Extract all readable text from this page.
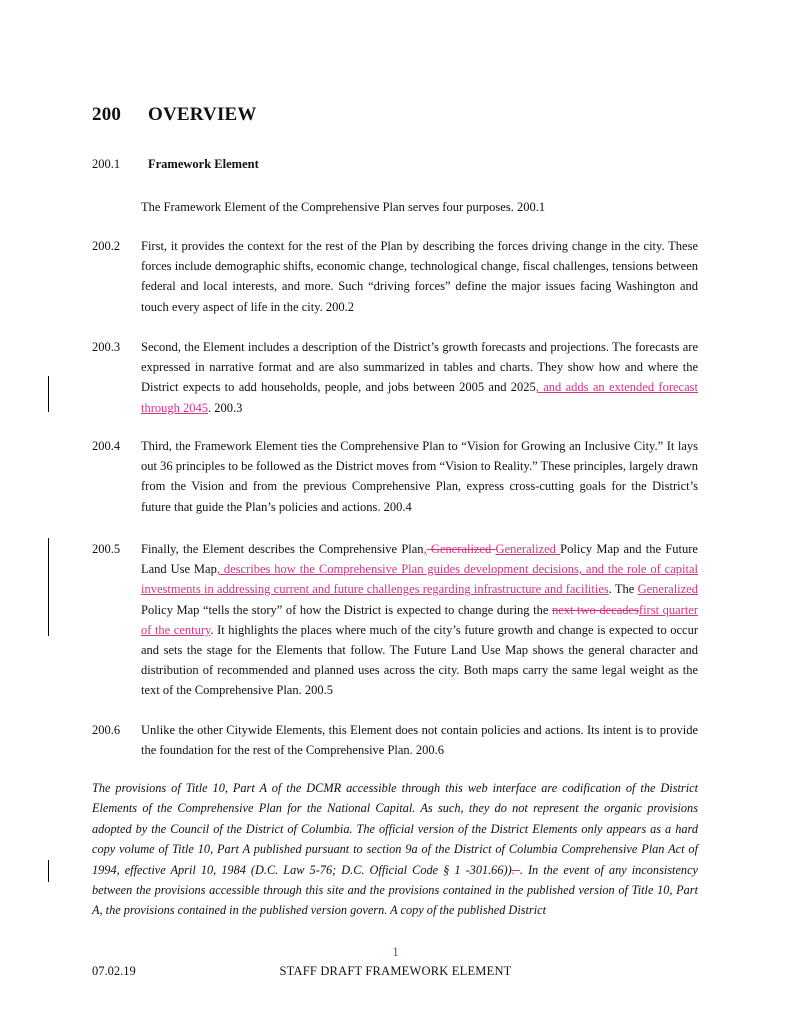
200 OVERVIEW
200.1 Framework Element
The Framework Element of the Comprehensive Plan serves four purposes. 200.1
200.2	First, it provides the context for the rest of the Plan by describing the forces driving change in the city. These forces include demographic shifts, economic change, technological change, fiscal challenges, tensions between federal and local interests, and more. Such “driving forces” define the major issues facing Washington and touch every aspect of life in the city. 200.2
200.3	Second, the Element includes a description of the District’s growth forecasts and projections. The forecasts are expressed in narrative format and are also summarized in tables and charts. They show how and where the District expects to add households, people, and jobs between 2005 and 2025, and adds an extended forecast through 2045. 200.3
200.4	Third, the Framework Element ties the Comprehensive Plan to “Vision for Growing an Inclusive City.” It lays out 36 principles to be followed as the District moves from “Vision to Reality.” These principles, largely drawn from the Vision and from the previous Comprehensive Plan, express cross-cutting goals for the District’s future that guide the Plan’s policies and actions. 200.4
200.5	Finally, the Element describes the Comprehensive Plan, Generalized Generalized Policy Map and the Future Land Use Map, describes how the Comprehensive Plan guides development decisions, and the role of capital investments in addressing current and future challenges regarding infrastructure and facilities. The Generalized Policy Map “tells the story” of how the District is expected to change during the next two decadesfirst quarter of the century. It highlights the places where much of the city’s future growth and change is expected to occur and sets the stage for the Elements that follow. The Future Land Use Map shows the general character and distribution of recommended and planned uses across the city. Both maps carry the same legal weight as the text of the Comprehensive Plan. 200.5
200.6	Unlike the other Citywide Elements, this Element does not contain policies and actions. Its intent is to provide the foundation for the rest of the Comprehensive Plan. 200.6
The provisions of Title 10, Part A of the DCMR accessible through this web interface are codification of the District Elements of the Comprehensive Plan for the National Capital. As such, they do not represent the organic provisions adopted by the Council of the District of Columbia. The official version of the District Elements only appears as a hard copy volume of Title 10, Part A published pursuant to section 9a of the District of Columbia Comprehensive Plan Act of 1994, effective April 10, 1984 (D.C. Law 5-76; D.C. Official Code § 1 -301.66)). . In the event of any inconsistency between the provisions accessible through this site and the provisions contained in the published version of Title 10, Part A, the provisions contained in the published version govern. A copy of the published District
1
07.02.19	STAFF DRAFT FRAMEWORK ELEMENT
